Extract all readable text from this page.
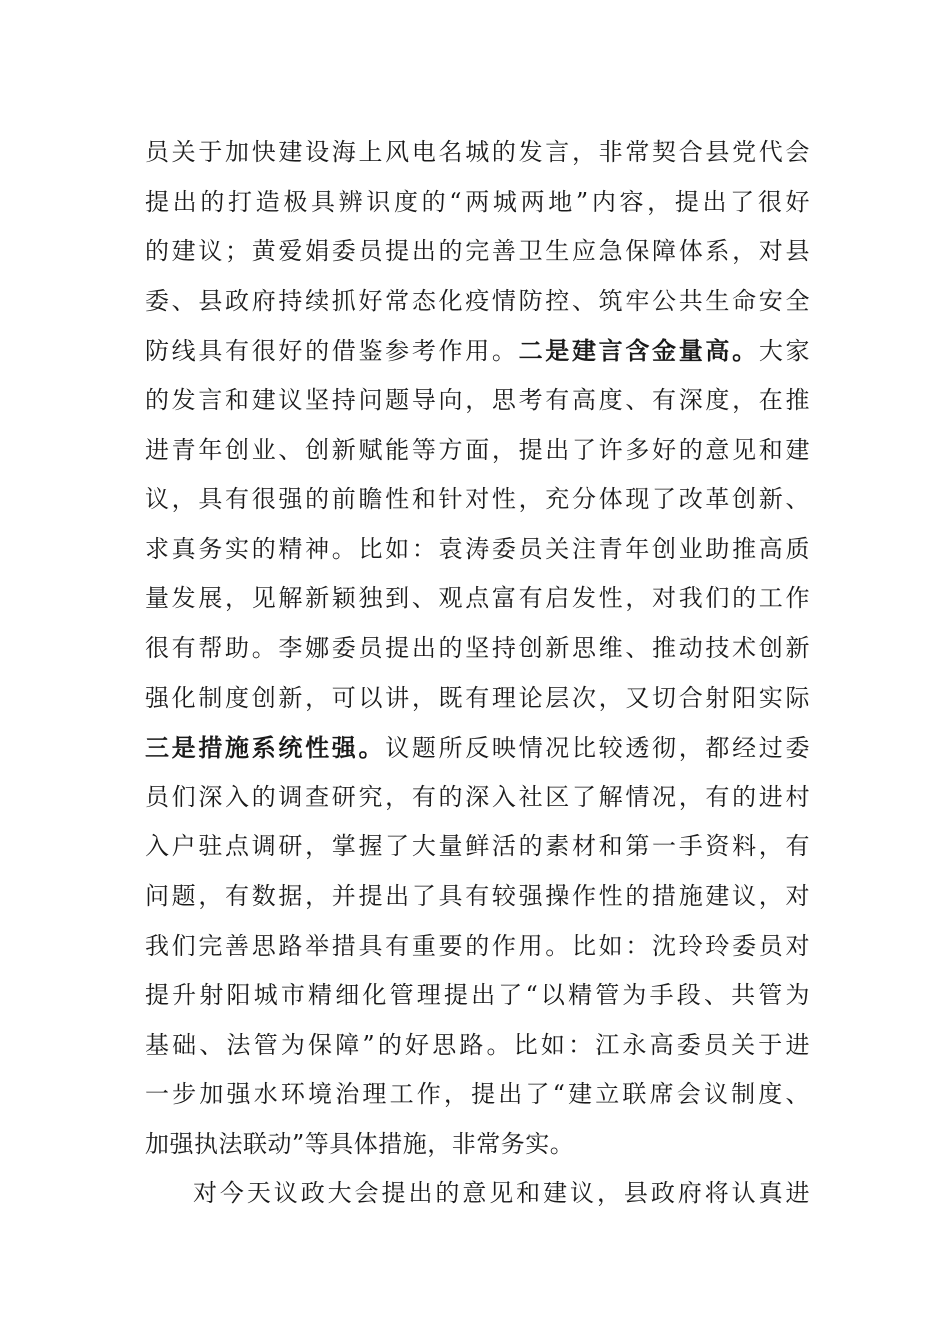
员关于加快建设海上风电名城的发言，非常契合县党代会
提出的打造极具辨识度的“两城两地”内容，提出了很好
的建议；黄爱娟委员提出的完善卫生应急保障体系，对县
委、县政府持续抓好常态化疫情防控、筑牢公共生命安全
防线具有很好的借鉴参考作用。二是建言含金量高。大家
的发言和建议坚持问题导向，思考有高度、有深度，在推
进青年创业、创新赋能等方面，提出了许多好的意见和建
议，具有很强的前瞻性和针对性，充分体现了改革创新、
求真务实的精神。比如：袁涛委员关注青年创业助推高质
量发展，见解新颖独到、观点富有启发性，对我们的工作
很有帮助。李娜委员提出的坚持创新思维、推动技术创新
强化制度创新，可以讲，既有理论层次，又切合射阳实际
三是措施系统性强。议题所反映情况比较透彻，都经过委
员们深入的调查研究，有的深入社区了解情况，有的进村
入户驻点调研，掌握了大量鲜活的素材和第一手资料，有
问题，有数据，并提出了具有较强操作性的措施建议，对
我们完善思路举措具有重要的作用。比如：沈玲玲委员对
提升射阳城市精细化管理提出了“以精管为手段、共管为
基础、法管为保障”的好思路。比如：江永高委员关于进
一步加强水环境治理工作，提出了“建立联席会议制度、
加强执法联动”等具体措施，非常务实。
对今天议政大会提出的意见和建议，县政府将认真进
